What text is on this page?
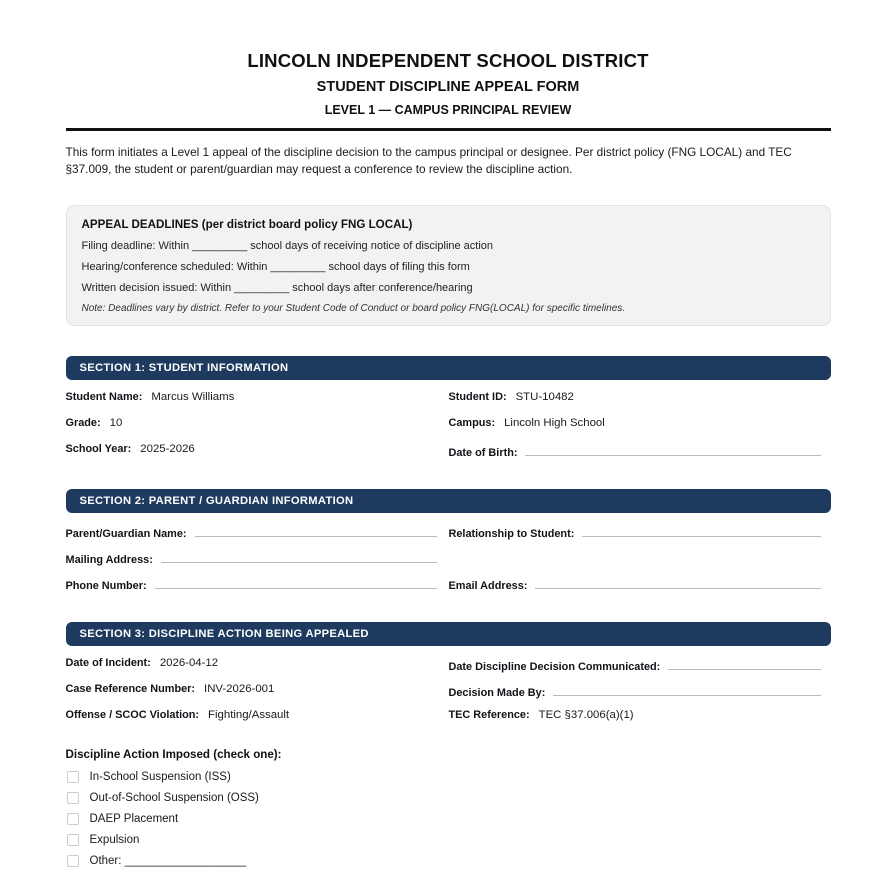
LINCOLN INDEPENDENT SCHOOL DISTRICT
STUDENT DISCIPLINE APPEAL FORM
LEVEL 1 — CAMPUS PRINCIPAL REVIEW

This form initiates a Level 1 appeal of the discipline decision to the campus principal or designee. Per district policy (FNG LOCAL) and TEC §37.009, the student or parent/guardian may request a conference to review the discipline action.

APPEAL DEADLINES (per district board policy FNG LOCAL)
Filing deadline: Within _________ school days of receiving notice of discipline action
Hearing/conference scheduled: Within _________ school days of filing this form
Written decision issued: Within _________ school days after conference/hearing
Note: Deadlines vary by district. Refer to your Student Code of Conduct or board policy FNG(LOCAL) for specific timelines.
SECTION 1: STUDENT INFORMATION
Student Name: Marcus Williams	Student ID: STU-10482
Grade: 10	Campus: Lincoln High School
School Year: 2025-2026	Date of Birth:
SECTION 2: PARENT / GUARDIAN INFORMATION
Parent/Guardian Name:	Relationship to Student:
Mailing Address:
Phone Number:	Email Address:
SECTION 3: DISCIPLINE ACTION BEING APPEALED
Date of Incident: 2026-04-12	Date Discipline Decision Communicated:
Case Reference Number: INV-2026-001	Decision Made By:
Offense / SCOC Violation: Fighting/Assault	TEC Reference: TEC §37.006(a)(1)
Discipline Action Imposed (check one):
In-School Suspension (ISS)
Out-of-School Suspension (OSS)
DAEP Placement
Expulsion
Other: ___________________
